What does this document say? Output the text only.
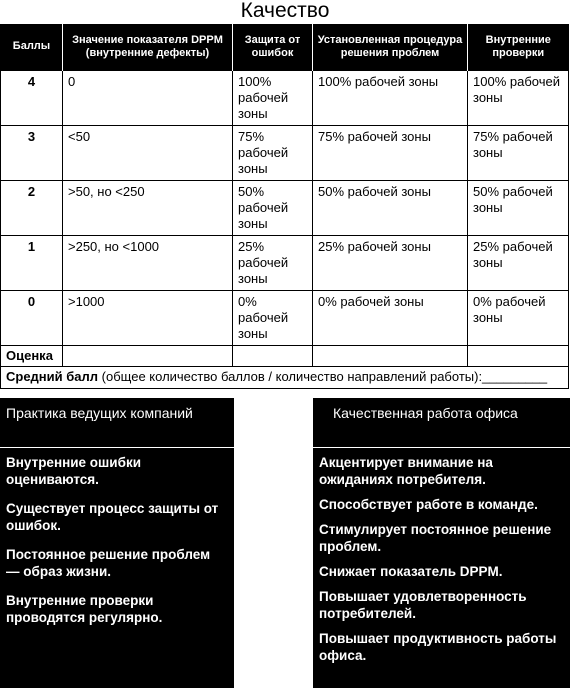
Качество
Баллы	Значение показателя DPPM (внутренние дефекты)	Защита от ошибок	Установленная процедура решения проблем	Внутренние проверки
4	0	100% рабочей зоны	100% рабочей зоны	100% рабочей зоны
3	<50	75% рабочей зоны	75% рабочей зоны	75% рабочей зоны
2	>50, но <250	50% рабочей зоны	50% рабочей зоны	50% рабочей зоны
1	>250, но <1000	25% рабочей зоны	25% рабочей зоны	25% рабочей зоны
0	>1000	0% рабочей зоны	0% рабочей зоны	0% рабочей зоны
Оценка				
Средний балл (общее количество баллов / количество направлений работы):_________				
Практика ведущих компаний
Внутренние ошибки оцениваются.
Существует процесс защиты от ошибок.
Постоянное решение проблем — образ жизни.
Внутренние проверки проводятся регулярно.
Качественная работа офиса
Акцентирует внимание на ожиданиях потребителя.
Способствует работе в команде.
Стимулирует постоянное решение проблем.
Снижает показатель DPPM.
Повышает удовлетворенность потребителей.
Повышает продуктивность работы офиса.
